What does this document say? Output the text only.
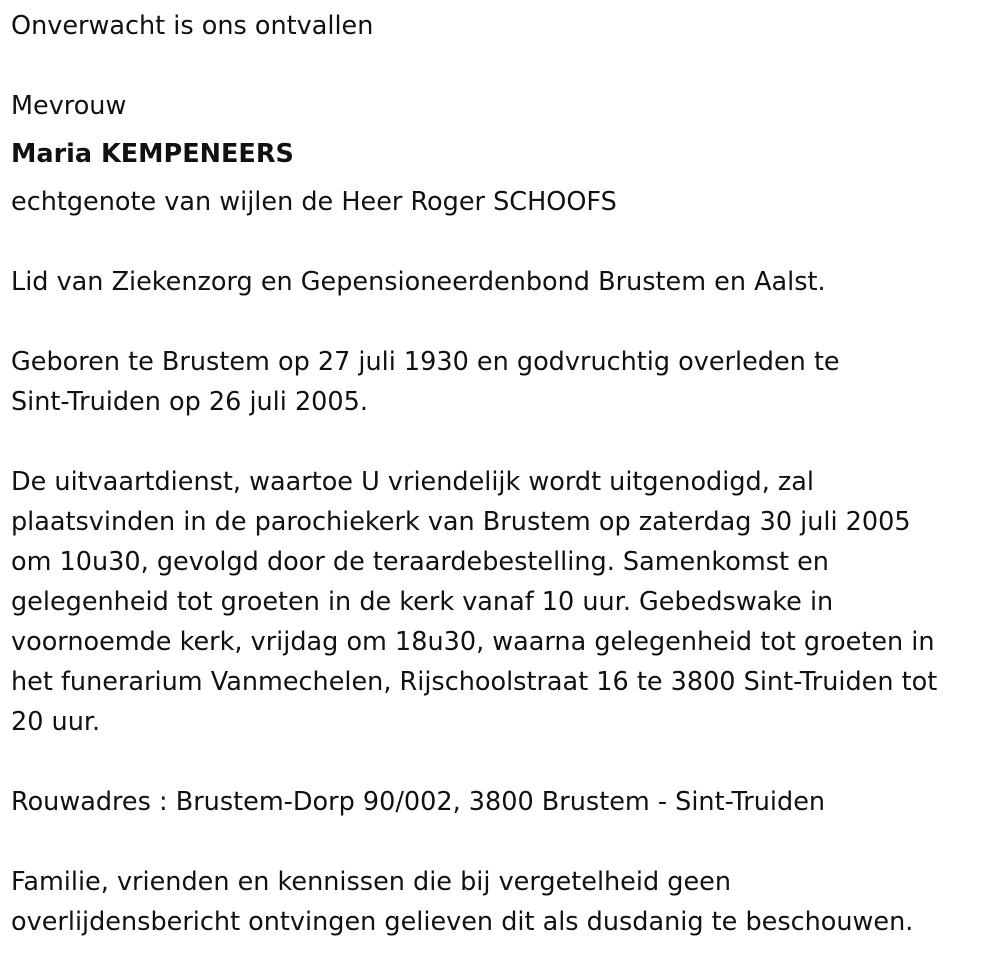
Onverwacht is ons ontvallen

Mevrouw

Maria KEMPENEERS

echtgenote van wijlen de Heer Roger SCHOOFS

Lid van Ziekenzorg en Gepensioneerdenbond Brustem en Aalst.

Geboren te Brustem op 27 juli 1930 en godvruchtig overleden te

Sint-Truiden op 26 juli 2005.

De uitvaartdienst, waartoe U vriendelijk wordt uitgenodigd, zal

plaatsvinden in de parochiekerk van Brustem op zaterdag 30 juli 2005

om 10u30, gevolgd door de teraardebestelling. Samenkomst en

gelegenheid tot groeten in de kerk vanaf 10 uur. Gebedswake in

voornoemde kerk, vrijdag om 18u30, waarna gelegenheid tot groeten in

het funerarium Vanmechelen, Rijschoolstraat 16 te 3800 Sint-Truiden tot

20 uur.

Rouwadres : Brustem-Dorp 90/002, 3800 Brustem - Sint-Truiden

Familie, vrienden en kennissen die bij vergetelheid geen

overlijdensbericht ontvingen gelieven dit als dusdanig te beschouwen.
